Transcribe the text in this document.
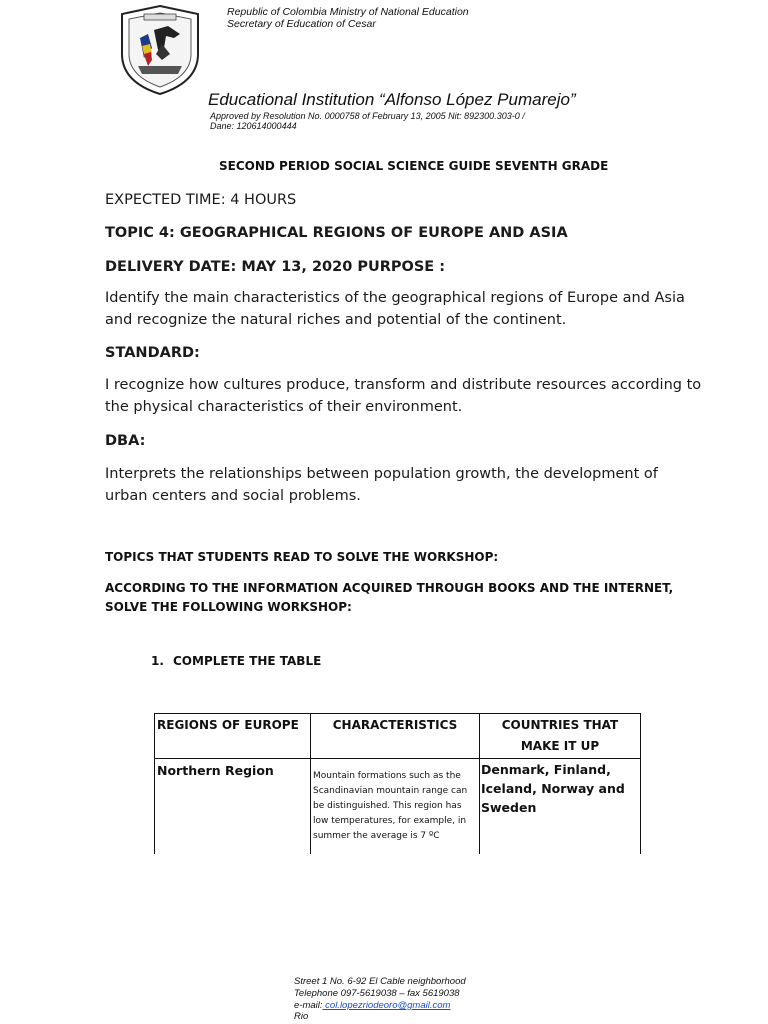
Republic of Colombia Ministry of National Education
Secretary of Education of Cesar
Educational Institution “Alfonso López Pumarejo”
Approved by Resolution No. 0000758 of February 13, 2005 Nit: 892300.303-0 /
Dane: 120614000444
SECOND PERIOD SOCIAL SCIENCE GUIDE SEVENTH GRADE
EXPECTED TIME: 4 HOURS
TOPIC 4: GEOGRAPHICAL REGIONS OF EUROPE AND ASIA
DELIVERY DATE: MAY 13, 2020 PURPOSE :
Identify the main characteristics of the geographical regions of Europe and Asia and recognize the natural riches and potential of the continent.
STANDARD:
I recognize how cultures produce, transform and distribute resources according to the physical characteristics of their environment.
DBA:
Interprets the relationships between population growth, the development of urban centers and social problems.
TOPICS THAT STUDENTS READ TO SOLVE THE WORKSHOP:
ACCORDING TO THE INFORMATION ACQUIRED THROUGH BOOKS AND THE INTERNET, SOLVE THE FOLLOWING WORKSHOP:
1. COMPLETE THE TABLE
REGIONS OF EUROPE	CHARACTERISTICS	COUNTRIES THAT MAKE IT UP

Northern Region	Mountain formations such as the Scandinavian mountain range can be distinguished. This region has low temperatures, for example, in summer the average is 7 ºC	Denmark, Finland, Iceland, Norway and Sweden
Street 1 No. 6-92 El Cable neighborhood
Telephone 097-5619038 – fax 5619038
e-mail: col.lopezriodeoro@gmail.com
Rio
